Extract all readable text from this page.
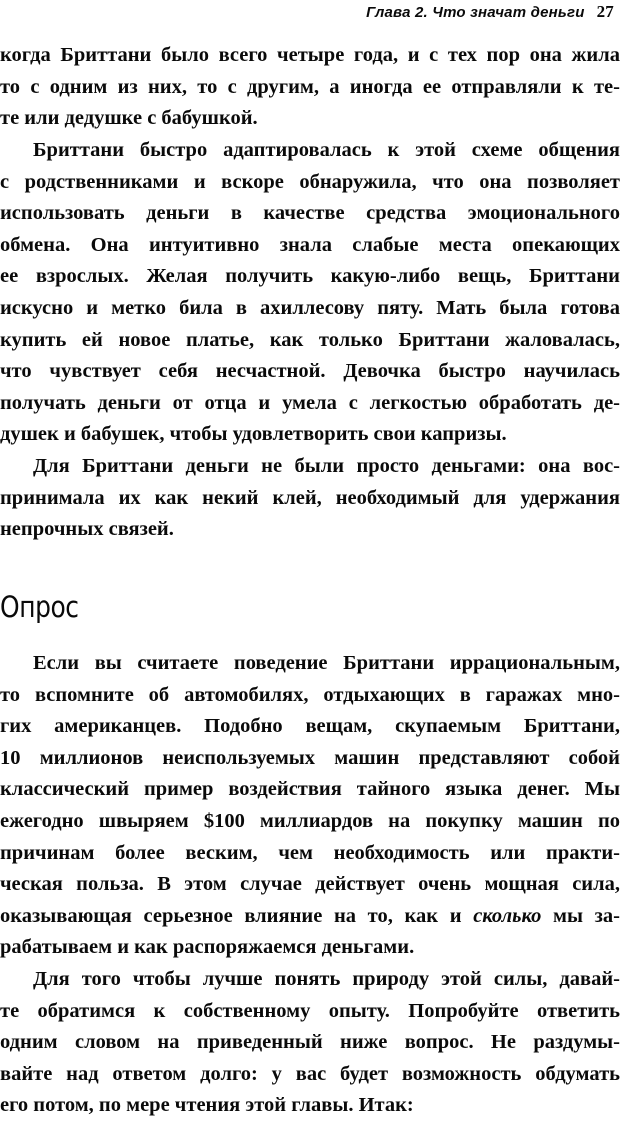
Глава 2. Что значат деньги 27
когда Бриттани было всего четыре года, и с тех пор она жила
то с одним из них, то с другим, а иногда ее отправляли к те-
те или дедушке с бабушкой.
Бриттани быстро адаптировалась к этой схеме общения
с родственниками и вскоре обнаружила, что она позволяет
использовать деньги в качестве средства эмоционального
обмена. Она интуитивно знала слабые места опекающих
ее взрослых. Желая получить какую-либо вещь, Бриттани
искусно и метко била в ахиллесову пяту. Мать была готова
купить ей новое платье, как только Бриттани жаловалась,
что чувствует себя несчастной. Девочка быстро научилась
получать деньги от отца и умела с легкостью обработать де-
душек и бабушек, чтобы удовлетворить свои капризы.
Для Бриттани деньги не были просто деньгами: она вос-
принимала их как некий клей, необходимый для удержания
непрочных связей.
Опрос
Если вы считаете поведение Бриттани иррациональным,
то вспомните об автомобилях, отдыхающих в гаражах мно-
гих американцев. Подобно вещам, скупаемым Бриттани,
10 миллионов неиспользуемых машин представляют собой
классический пример воздействия тайного языка денег. Мы
ежегодно швыряем $100 миллиардов на покупку машин по
причинам более веским, чем необходимость или практи-
ческая польза. В этом случае действует очень мощная сила,
оказывающая серьезное влияние на то, как и сколько мы за-
рабатываем и как распоряжаемся деньгами.
Для того чтобы лучше понять природу этой силы, давай-
те обратимся к собственному опыту. Попробуйте ответить
одним словом на приведенный ниже вопрос. Не раздумы-
вайте над ответом долго: у вас будет возможность обдумать
его потом, по мере чтения этой главы. Итак:
